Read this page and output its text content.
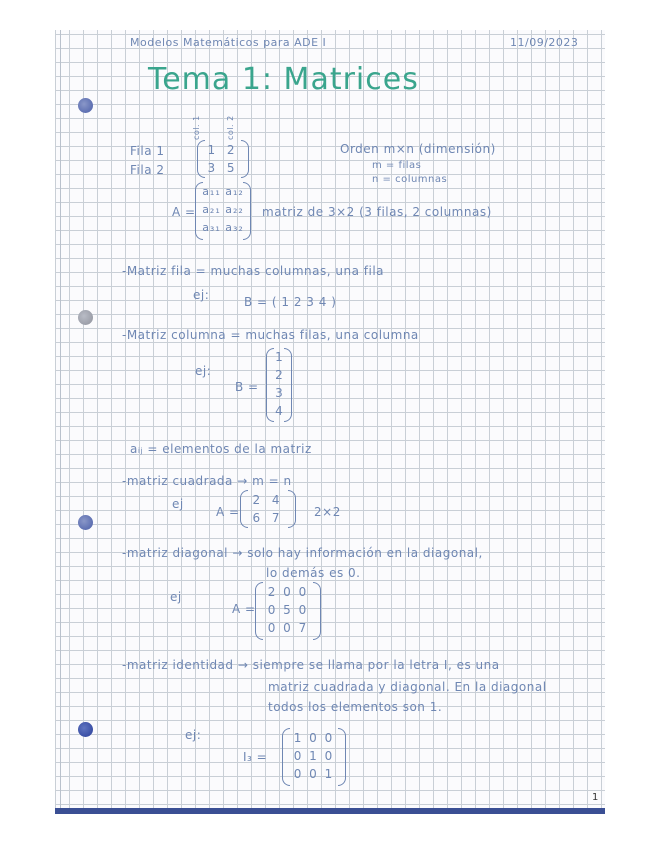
Modelos Matemáticos para ADE I	11/09/2023
Tema 1: Matrices
col. 1	col. 2
Fila 1
Fila 2
1 2
3 5
Orden m×n (dimensión)
m = filas
n = columnas
A =
a₁₁ a₁₂
a₂₁ a₂₂
a₃₁ a₃₂
matriz de 3×2 (3 filas, 2 columnas)
-Matriz fila = muchas columnas, una fila
ej:	B = ( 1 2 3 4 )
-Matriz columna = muchas filas, una columna
ej:
B =
1
2
3
4
aᵢⱼ = elementos de la matriz
-matriz cuadrada → m = n
ej
A =
2 4
6 7	2×2
-matriz diagonal → solo hay información en la diagonal,
lo demás es 0.
ej
A =
2 0 0
0 5 0
0 0 7
-matriz identidad → siempre se llama por la letra I, es una
matriz cuadrada y diagonal. En la diagonal
todos los elementos son 1.
ej:
I₃ =
1 0 0
0 1 0
0 0 1
1
